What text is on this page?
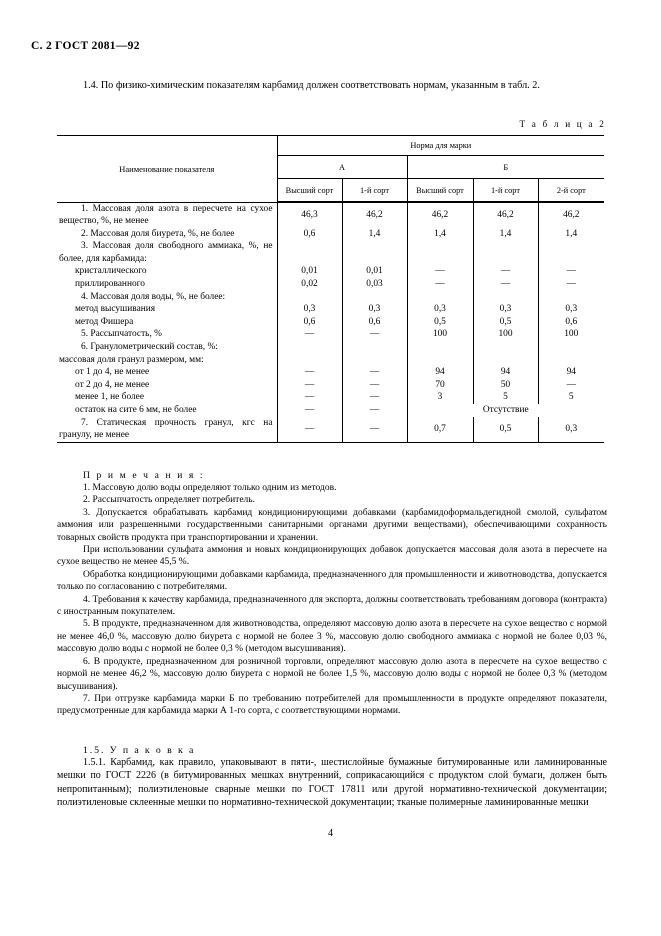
С. 2 ГОСТ 2081—92
1.4. По физико-химическим показателям карбамид должен соответствовать нормам, указанным в табл. 2.
Т а б л и ц а 2
Наименование показателя	Норма для марки				
	А		Б		
	Высший сорт	1-й сорт	Высший сорт	1-й сорт	2-й сорт
1. Массовая доля азота в пересчете на сухое вещество, %, не менее	46,3	46,2	46,2	46,2	46,2
2. Массовая доля биурета, %, не более	0,6	1,4	1,4	1,4	1,4
3. Массовая доля свободного аммиака, %, не более, для карбамида:					
кристаллического	0,01	0,01	—	—	—
приллированного	0,02	0,03	—	—	—
4. Массовая доля воды, %, не более:					
метод высушивания	0,3	0,3	0,3	0,3	0,3
метод Фишера	0,6	0,6	0,5	0,5	0,6
5. Рассыпчатость, %	—	—	100	100	100
6. Гранулометрический состав, %:					
массовая доля гранул размером, мм:					
от 1 до 4, не менее	—	—	94	94	94
от 2 до 4, не менее	—	—	70	50	—
менее 1, не более	—	—	3	5	5
остаток на сите 6 мм, не более	—	—	Отсутствие		
7. Статическая прочность гранул, кгс на гранулу, не менее	—	—	0,7	0,5	0,3
П р и м е ч а н и я :

1. Массовую долю воды определяют только одним из методов.

2. Рассыпчатость определяет потребитель.

3. Допускается обрабатывать карбамид кондиционирующими добавками (карбамидоформальдегидной смолой, сульфатом аммония или разрешенными государственными санитарными органами другими веществами), обеспечивающими сохранность товарных свойств продукта при транспортировании и хранении.

При использовании сульфата аммония и новых кондиционирующих добавок допускается массовая доля азота в пересчете на сухое вещество не менее 45,5 %.

Обработка кондиционирующими добавками карбамида, предназначенного для промышленности и животноводства, допускается только по согласованию с потребителями.

4. Требования к качеству карбамида, предназначенного для экспорта, должны соответствовать требованиям договора (контракта) с иностранным покупателем.

5. В продукте, предназначенном для животноводства, определяют массовую долю азота в пересчете на сухое вещество с нормой не менее 46,0 %, массовую долю биурета с нормой не более 3 %, массовую долю свободного аммиака с нормой не более 0,03 %, массовую долю воды с нормой не более 0,3 % (методом высушивания).

6. В продукте, предназначенном для розничной торговли, определяют массовую долю азота в пересчете на сухое вещество с нормой не менее 46,2 %, массовую долю биурета с нормой не более 1,5 %, массовую долю воды с нормой не более 0,3 % (методом высушивания).

7. При отгрузке карбамида марки Б по требованию потребителей для промышленности в продукте определяют показатели, предусмотренные для карбамида марки А 1-го сорта, с соответствующими нормами.

1.5. У п а к о в к а

1.5.1. Карбамид, как правило, упаковывают в пяти-, шестислойные бумажные битумированные или ламинированные мешки по ГОСТ 2226 (в битумированных мешках внутренний, соприкасающийся с продуктом слой бумаги, должен быть непропитанным); полиэтиленовые сварные мешки по ГОСТ 17811 или другой нормативно-технической документации; полиэтиленовые склеенные мешки по нормативно-технической документации; тканые полимерные ламинированные мешки

4
